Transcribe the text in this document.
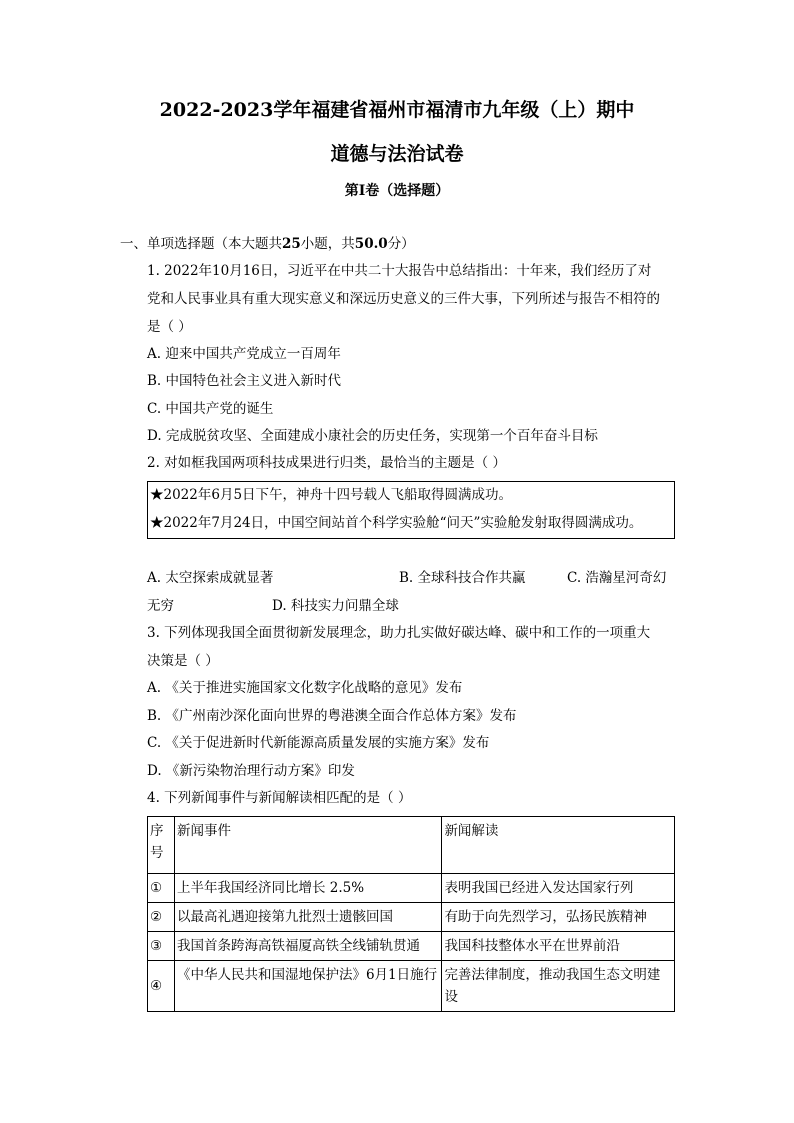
2022-2023学年福建省福州市福清市九年级（上）期中
道德与法治试卷
第I卷（选择题）
一、单项选择题（本大题共25小题，共50.0分）
1. 2022年10月16日，习近平在中共二十大报告中总结指出：十年来，我们经历了对
党和人民事业具有重大现实意义和深远历史意义的三件大事，下列所述与报告不相符的
是（ ）
A. 迎来中国共产党成立一百周年
B. 中国特色社会主义进入新时代
C. 中国共产党的诞生
D. 完成脱贫攻坚、全面建成小康社会的历史任务，实现第一个百年奋斗目标
2. 对如框我国两项科技成果进行归类，最恰当的主题是（ ）
★2022年6月5日下午，神舟十四号载人飞船取得圆满成功。
★2022年7月24日，中国空间站首个科学实验舱“问天”实验舱发射取得圆满成功。
A. 太空探索成就显著	B. 全球科技合作共赢	C. 浩瀚星河奇幻
无穷	D. 科技实力问鼎全球
3. 下列体现我国全面贯彻新发展理念，助力扎实做好碳达峰、碳中和工作的一项重大
决策是（ ）
A. 《关于推进实施国家文化数字化战略的意见》发布
B. 《广州南沙深化面向世界的粤港澳全面合作总体方案》发布
C. 《关于促进新时代新能源高质量发展的实施方案》发布
D. 《新污染物治理行动方案》印发
4. 下列新闻事件与新闻解读相匹配的是（ ）
序号	新闻事件	新闻解读
①	上半年我国经济同比增长 2.5%	表明我国已经进入发达国家行列
②	以最高礼遇迎接第九批烈士遗骸回国	有助于向先烈学习，弘扬民族精神
③	我国首条跨海高铁福厦高铁全线铺轨贯通	我国科技整体水平在世界前沿
④	《中华人民共和国湿地保护法》6月1日施行	完善法律制度，推动我国生态文明建设
